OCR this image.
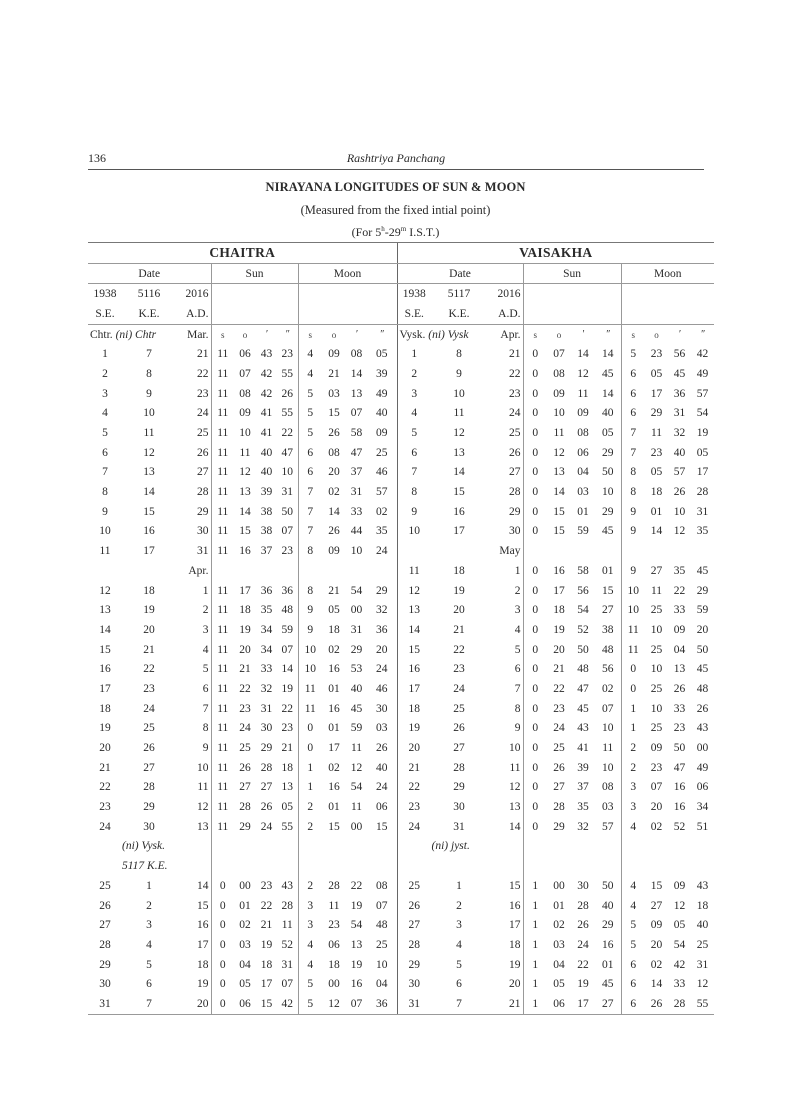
136	Rashtriya Panchang
NIRAYANA LONGITUDES OF SUN & MOON
(Measured from the fixed intial point)
(For 5$^h$-29$^m$ I.S.T.)
CHAITRA											VAISAKHA										
Date			Sun				Moon				Date			Sun				Moon			
1938	5116	2016									1938	5117	2016								
S.E.	K.E.	A.D.									S.E.	K.E.	A.D.								
Chtr. (ni) Chtr		Mar.	s	o	′	″	s	o	′	″	Vysk. (ni) Vysk		Apr.	s	o	′	″	s	o	′	″
1	7	21	11	06	43	23	4	09	08	05	1	8	21	0	07	14	14	5	23	56	42
2	8	22	11	07	42	55	4	21	14	39	2	9	22	0	08	12	45	6	05	45	49
3	9	23	11	08	42	26	5	03	13	49	3	10	23	0	09	11	14	6	17	36	57
4	10	24	11	09	41	55	5	15	07	40	4	11	24	0	10	09	40	6	29	31	54
5	11	25	11	10	41	22	5	26	58	09	5	12	25	0	11	08	05	7	11	32	19
6	12	26	11	11	40	47	6	08	47	25	6	13	26	0	12	06	29	7	23	40	05
7	13	27	11	12	40	10	6	20	37	46	7	14	27	0	13	04	50	8	05	57	17
8	14	28	11	13	39	31	7	02	31	57	8	15	28	0	14	03	10	8	18	26	28
9	15	29	11	14	38	50	7	14	33	02	9	16	29	0	15	01	29	9	01	10	31
10	16	30	11	15	38	07	7	26	44	35	10	17	30	0	15	59	45	9	14	12	35
11	17	31	11	16	37	23	8	09	10	24			May								
		Apr.									11	18	1	0	16	58	01	9	27	35	45
12	18	1	11	17	36	36	8	21	54	29	12	19	2	0	17	56	15	10	11	22	29
13	19	2	11	18	35	48	9	05	00	32	13	20	3	0	18	54	27	10	25	33	59
14	20	3	11	19	34	59	9	18	31	36	14	21	4	0	19	52	38	11	10	09	20
15	21	4	11	20	34	07	10	02	29	20	15	22	5	0	20	50	48	11	25	04	50
16	22	5	11	21	33	14	10	16	53	24	16	23	6	0	21	48	56	0	10	13	45
17	23	6	11	22	32	19	11	01	40	46	17	24	7	0	22	47	02	0	25	26	48
18	24	7	11	23	31	22	11	16	45	30	18	25	8	0	23	45	07	1	10	33	26
19	25	8	11	24	30	23	0	01	59	03	19	26	9	0	24	43	10	1	25	23	43
20	26	9	11	25	29	21	0	17	11	26	20	27	10	0	25	41	11	2	09	50	00
21	27	10	11	26	28	18	1	02	12	40	21	28	11	0	26	39	10	2	23	47	49
22	28	11	11	27	27	13	1	16	54	24	22	29	12	0	27	37	08	3	07	16	06
23	29	12	11	28	26	05	2	01	11	06	23	30	13	0	28	35	03	3	20	16	34
24	30	13	11	29	24	55	2	15	00	15	24	31	14	0	29	32	57	4	02	52	51
(ni) Vysk.											(ni) jyst.										
5117 K.E.																					
25	1	14	0	00	23	43	2	28	22	08	25	1	15	1	00	30	50	4	15	09	43
26	2	15	0	01	22	28	3	11	19	07	26	2	16	1	01	28	40	4	27	12	18
27	3	16	0	02	21	11	3	23	54	48	27	3	17	1	02	26	29	5	09	05	40
28	4	17	0	03	19	52	4	06	13	25	28	4	18	1	03	24	16	5	20	54	25
29	5	18	0	04	18	31	4	18	19	10	29	5	19	1	04	22	01	6	02	42	31
30	6	19	0	05	17	07	5	00	16	04	30	6	20	1	05	19	45	6	14	33	12
31	7	20	0	06	15	42	5	12	07	36	31	7	21	1	06	17	27	6	26	28	55
